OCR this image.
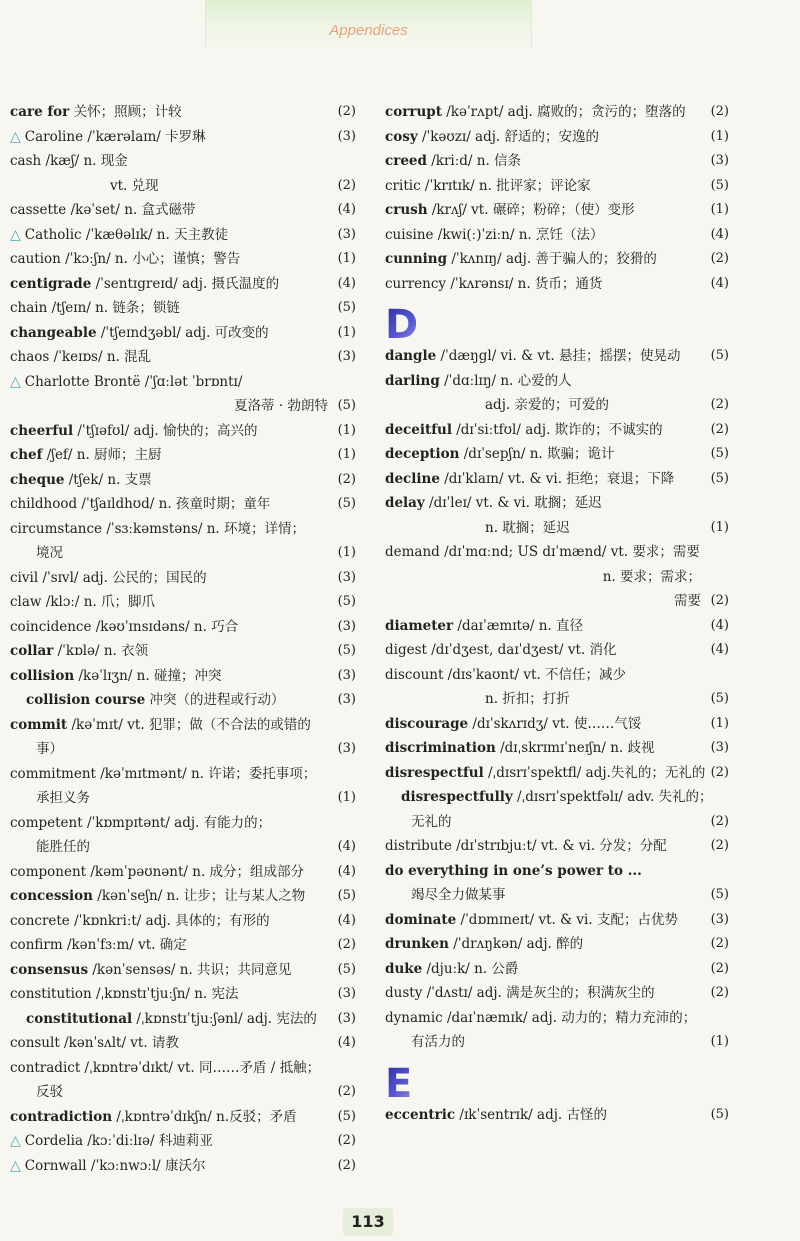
Appendices
care for 关怀；照顾；计较	(2)
△ Caroline /ˈkærəlaɪn/ 卡罗琳	(3)
cash /kæʃ/ n. 现金
vt. 兑现	(2)
cassette /kəˈset/ n. 盒式磁带	(4)
△ Catholic /ˈkæθəlɪk/ n. 天主教徒	(3)
caution /ˈkɔːʃn/ n. 小心；谨慎；警告	(1)
centigrade /ˈsentɪgreɪd/ adj. 摄氏温度的	(4)
chain /tʃeɪn/ n. 链条；锁链	(5)
changeable /ˈtʃeɪndʒəbl/ adj. 可改变的	(1)
chaos /ˈkeɪɒs/ n. 混乱	(3)
△ Charlotte Brontë /ˈʃɑːlət ˈbrɒntɪ/
夏洛蒂 · 勃朗特 (5)
cheerful /ˈtʃɪəfʊl/ adj. 愉快的；高兴的	(1)
chef /ʃef/ n. 厨师；主厨	(1)
cheque /tʃek/ n. 支票	(2)
childhood /ˈtʃaɪldhʊd/ n. 孩童时期；童年	(5)
circumstance /ˈsɜːkəmstəns/ n. 环境；详情；
境况	(1)
civil /ˈsɪvl/ adj. 公民的；国民的	(3)
claw /klɔː/ n. 爪；脚爪	(5)
coincidence /kəʊˈɪnsɪdəns/ n. 巧合	(3)
collar /ˈkɒlə/ n. 衣领	(5)
collision /kəˈlɪʒn/ n. 碰撞；冲突	(3)
collision course 冲突（的进程或行动）	(3)
commit /kəˈmɪt/ vt. 犯罪；做（不合法的或错的
事）	(3)
commitment /kəˈmɪtmənt/ n. 许诺；委托事项；
承担义务	(1)
competent /ˈkɒmpɪtənt/ adj. 有能力的；
能胜任的	(4)
component /kəmˈpəʊnənt/ n. 成分；组成部分	(4)
concession /kənˈseʃn/ n. 让步；让与某人之物	(5)
concrete /ˈkɒnkriːt/ adj. 具体的；有形的	(4)
confirm /kənˈfɜːm/ vt. 确定	(2)
consensus /kənˈsensəs/ n. 共识；共同意见	(5)
constitution /ˌkɒnstɪˈtjuːʃn/ n. 宪法	(3)
constitutional /ˌkɒnstɪˈtjuːʃənl/ adj. 宪法的	(3)
consult /kənˈsʌlt/ vt. 请教	(4)
contradict /ˌkɒntrəˈdɪkt/ vt. 同……矛盾 / 抵触；
反驳	(2)
contradiction /ˌkɒntrəˈdɪkʃn/ n.反驳；矛盾	(5)
△ Cordelia /kɔːˈdiːlɪə/ 科迪莉亚	(2)
△ Cornwall /ˈkɔːnwɔːl/ 康沃尔	(2)
corrupt /kəˈrʌpt/ adj. 腐败的；贪污的；堕落的	(2)
cosy /ˈkəʊzɪ/ adj. 舒适的；安逸的	(1)
creed /kriːd/ n. 信条	(3)
critic /ˈkrɪtɪk/ n. 批评家；评论家	(5)
crush /krʌʃ/ vt. 碾碎；粉碎；（使）变形	(1)
cuisine /kwi(ː)ˈziːn/ n. 烹饪（法）	(4)
cunning /ˈkʌnɪŋ/ adj. 善于骗人的；狡猾的	(2)
currency /ˈkʌrənsɪ/ n. 货币；通货	(4)
D
dangle /ˈdæŋgl/ vi. & vt. 悬挂；摇摆；使晃动	(5)
darling /ˈdɑːlɪŋ/ n. 心爱的人
adj. 亲爱的；可爱的	(2)
deceitful /dɪˈsiːtfʊl/ adj. 欺诈的；不诚实的	(2)
deception /dɪˈsepʃn/ n. 欺骗；诡计	(5)
decline /dɪˈklaɪn/ vt. & vi. 拒绝；衰退；下降	(5)
delay /dɪˈleɪ/ vt. & vi. 耽搁；延迟
n. 耽搁；延迟	(1)
demand /dɪˈmɑːnd; US dɪˈmænd/ vt. 要求；需要
n. 要求；需求；
需要 (2)
diameter /daɪˈæmɪtə/ n. 直径	(4)
digest /dɪˈdʒest, daɪˈdʒest/ vt. 消化	(4)
discount /dɪsˈkaʊnt/ vt. 不信任；减少
n. 折扣；打折	(5)
discourage /dɪˈskʌrɪdʒ/ vt. 使……气馁	(1)
discrimination /dɪˌskrɪmɪˈneɪʃn/ n. 歧视	(3)
disrespectful /ˌdɪsrɪˈspektfl/ adj.失礼的；无礼的 (2)
disrespectfully /ˌdɪsrɪˈspektfəlɪ/ adv. 失礼的；
无礼的	(2)
distribute /dɪˈstrɪbjuːt/ vt. & vi. 分发；分配	(2)
do everything in one’s power to ...
竭尽全力做某事	(5)
dominate /ˈdɒmɪneɪt/ vt. & vi. 支配；占优势	(3)
drunken /ˈdrʌŋkən/ adj. 醉的	(2)
duke /djuːk/ n. 公爵	(2)
dusty /ˈdʌstɪ/ adj. 满是灰尘的；积满灰尘的	(2)
dynamic /daɪˈnæmɪk/ adj. 动力的；精力充沛的；
有活力的	(1)
E
eccentric /ɪkˈsentrɪk/ adj. 古怪的	(5)
113
